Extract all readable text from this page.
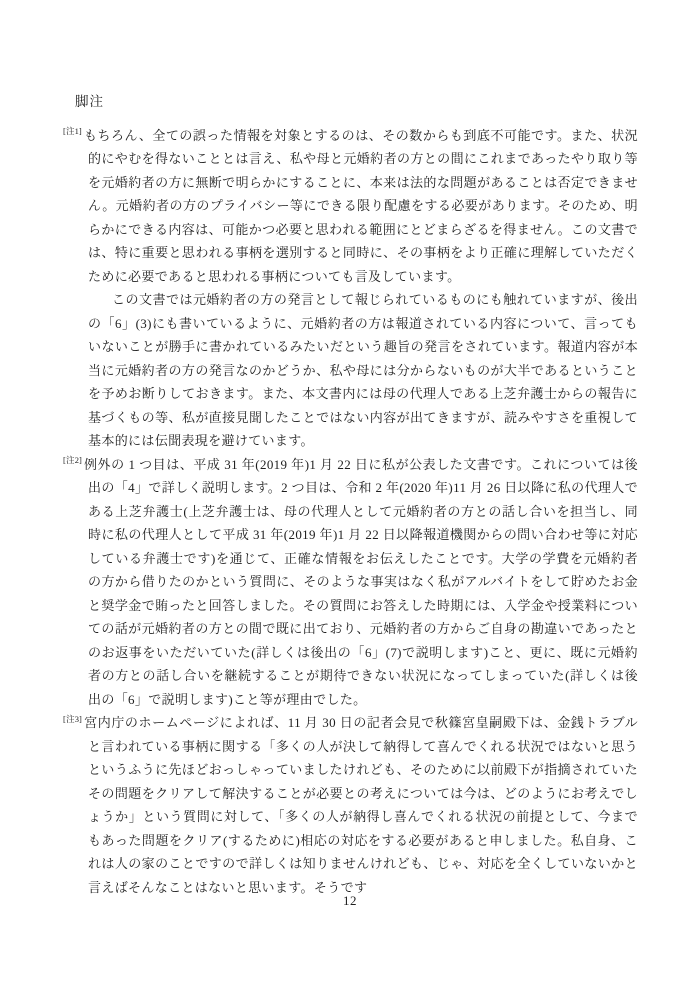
脚注

[注1] もちろん、全ての誤った情報を対象とするのは、その数からも到底不可能です。また、状況的にやむを得ないこととは言え、私や母と元婚約者の方との間にこれまであったやり取り等を元婚約者の方に無断で明らかにすることに、本来は法的な問題があることは否定できません。元婚約者の方のプライバシー等にできる限り配慮をする必要があります。そのため、明らかにできる内容は、可能かつ必要と思われる範囲にとどまらざるを得ません。この文書では、特に重要と思われる事柄を選別すると同時に、その事柄をより正確に理解していただくために必要であると思われる事柄についても言及しています。

この文書では元婚約者の方の発言として報じられているものにも触れていますが、後出の「6」(3)にも書いているように、元婚約者の方は報道されている内容について、言ってもいないことが勝手に書かれているみたいだという趣旨の発言をされています。報道内容が本当に元婚約者の方の発言なのかどうか、私や母には分からないものが大半であるということを予めお断りしておきます。また、本文書内には母の代理人である上芝弁護士からの報告に基づくもの等、私が直接見聞したことではない内容が出てきますが、読みやすさを重視して基本的には伝聞表現を避けています。

[注2] 例外の 1 つ目は、平成 31 年(2019 年)1 月 22 日に私が公表した文書です。これについては後出の「4」で詳しく説明します。2 つ目は、令和 2 年(2020 年)11 月 26 日以降に私の代理人である上芝弁護士(上芝弁護士は、母の代理人として元婚約者の方との話し合いを担当し、同時に私の代理人として平成 31 年(2019 年)1 月 22 日以降報道機関からの問い合わせ等に対応している弁護士です)を通じて、正確な情報をお伝えしたことです。大学の学費を元婚約者の方から借りたのかという質問に、そのような事実はなく私がアルバイトをして貯めたお金と奨学金で賄ったと回答しました。その質問にお答えした時期には、入学金や授業料についての話が元婚約者の方との間で既に出ており、元婚約者の方からご自身の勘違いであったとのお返事をいただいていた(詳しくは後出の「6」(7)で説明します)こと、更に、既に元婚約者の方との話し合いを継続することが期待できない状況になってしまっていた(詳しくは後出の「6」で説明します)こと等が理由でした。

[注3] 宮内庁のホームページによれば、11 月 30 日の記者会見で秋篠宮皇嗣殿下は、金銭トラブルと言われている事柄に関する「多くの人が決して納得して喜んでくれる状況ではないと思うというふうに先ほどおっしゃっていましたけれども、そのために以前殿下が指摘されていたその問題をクリアして解決することが必要との考えについては今は、どのようにお考えでしょうか」という質問に対して、「多くの人が納得し喜んでくれる状況の前提として、今までもあった問題をクリア(するために)相応の対応をする必要があると申しました。私自身、これは人の家のことですので詳しくは知りませんけれども、じゃ、対応を全くしていないかと言えばそんなことはないと思います。そうです

12
